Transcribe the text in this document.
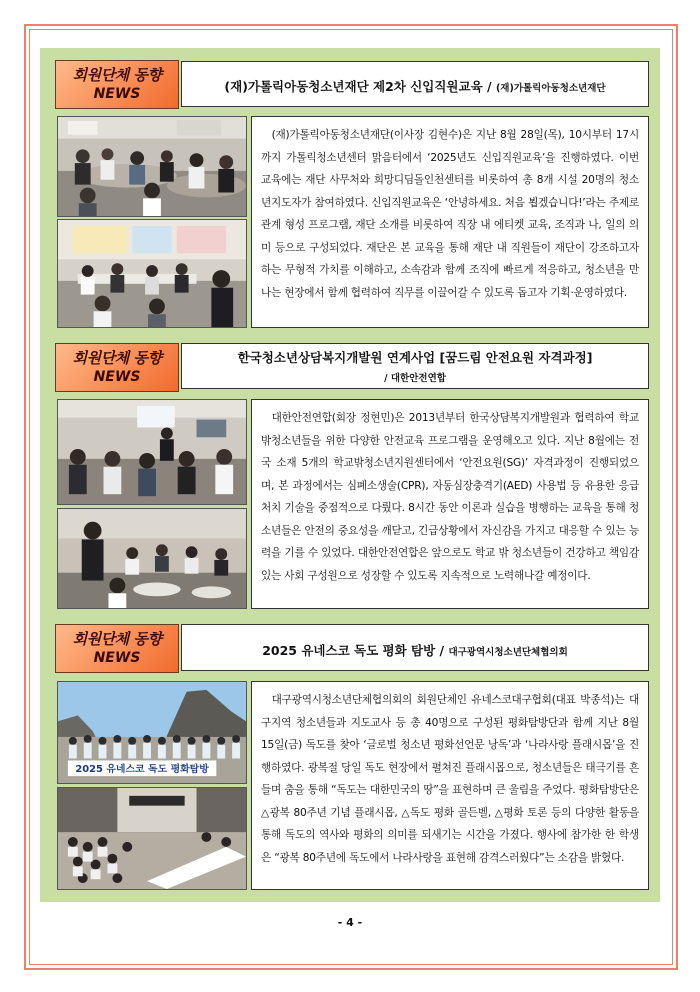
회원단체 동향
NEWS	(재)가톨릭아동청소년재단 제2차 신입직원교육 / (재)가톨릭아동청소년재단
(재)가톨릭아동청소년재단(이사장 김현수)은 지난 8월 28일(목), 10시부터 17시까지 가톨릭청소년센터 맑음터에서 ‘2025년도 신입직원교육’을 진행하였다. 이번 교육에는 재단 사무처와 희망디딤돌인천센터를 비롯하여 총 8개 시설 20명의 청소년지도자가 참여하였다. 신입직원교육은 ‘안녕하세요. 처음 뵙겠습니다!’라는 주제로 관계 형성 프로그램, 재단 소개를 비롯하여 직장 내 에티켓 교육, 조직과 나, 일의 의미 등으로 구성되었다. 재단은 본 교육을 통해 재단 내 직원들이 재단이 강조하고자 하는 무형적 가치를 이해하고, 소속감과 함께 조직에 빠르게 적응하고, 청소년을 만나는 현장에서 함께 협력하여 직무를 이끌어갈 수 있도록 돕고자 기획·운영하였다.
회원단체 동향
NEWS
한국청소년상담복지개발원 연계사업 [꿈드림 안전요원 자격과정]
/ 대한안전연합
대한안전연합(회장 정현민)은 2013년부터 한국상담복지개발원과 협력하여 학교밖청소년들을 위한 다양한 안전교육 프로그램을 운영해오고 있다. 지난 8월에는 전국 소재 5개의 학교밖청소년지원센터에서 ‘안전요원(SG)’ 자격과정이 진행되었으며, 본 과정에서는 심폐소생술(CPR), 자동심장충격기(AED) 사용법 등 유용한 응급처치 기술을 중점적으로 다뤘다. 8시간 동안 이론과 실습을 병행하는 교육을 통해 청소년들은 안전의 중요성을 깨닫고, 긴급상황에서 자신감을 가지고 대응할 수 있는 능력을 기를 수 있었다. 대한안전연합은 앞으로도 학교 밖 청소년들이 건강하고 책임감 있는 사회 구성원으로 성장할 수 있도록 지속적으로 노력해나갈 예정이다.
회원단체 동향
NEWS	2025 유네스코 독도 평화 탐방 / 대구광역시청소년단체협의회
2025 유네스코 독도 평화탐방
대구광역시청소년단체협의회의 회원단체인 유네스코대구협회(대표 박종석)는 대구지역 청소년들과 지도교사 등 총 40명으로 구성된 평화탐방단과 함께 지난 8월 15일(금) 독도를 찾아 ‘글로벌 청소년 평화선언문 낭독’과 ‘나라사랑 플래시몹’을 진행하였다. 광복절 당일 독도 현장에서 펼쳐진 플래시몹으로, 청소년들은 태극기를 흔들며 춤을 통해 “독도는 대한민국의 땅”을 표현하며 큰 울림을 주었다. 평화탐방단은 △광복 80주년 기념 플래시몹, △독도 평화 골든벨, △평화 토론 등의 다양한 활동을 통해 독도의 역사와 평화의 의미를 되새기는 시간을 가졌다. 행사에 참가한 한 학생은 “광복 80주년에 독도에서 나라사랑을 표현해 감격스러웠다”는 소감을 밝혔다.
- 4 -
